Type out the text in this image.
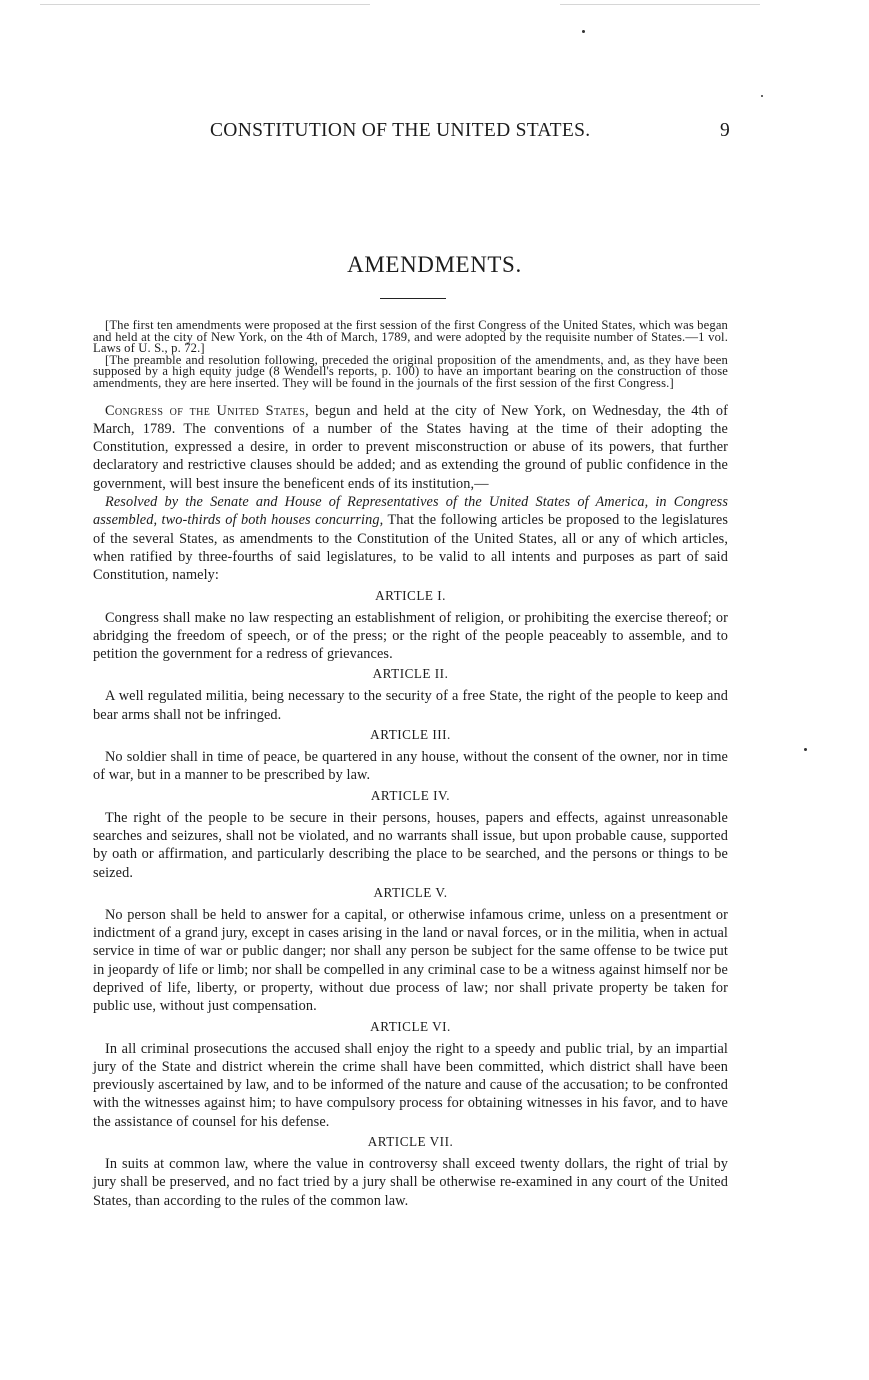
CONSTITUTION OF THE UNITED STATES.	9
AMENDMENTS.

[The first ten amendments were proposed at the first session of the first Congress of the United States, which was began and held at the city of New York, on the 4th of March, 1789, and were adopted by the requisite number of States.—1 vol. Laws of U. S., p. 72.]

[The preamble and resolution following, preceded the original proposition of the amendments, and, as they have been supposed by a high equity judge (8 Wendell's reports, p. 100) to have an important bearing on the construction of those amendments, they are here inserted. They will be found in the journals of the first session of the first Congress.]

Congress of the United States, begun and held at the city of New York, on Wednesday, the 4th of March, 1789. The conventions of a number of the States having at the time of their adopting the Constitution, expressed a desire, in order to prevent misconstruction or abuse of its powers, that further declaratory and restrictive clauses should be added; and as extending the ground of public confidence in the government, will best insure the beneficent ends of its institution,—

Resolved by the Senate and House of Representatives of the United States of America, in Congress assembled, two-thirds of both houses concurring, That the following articles be proposed to the legislatures of the several States, as amendments to the Constitution of the United States, all or any of which articles, when ratified by three-fourths of said legislatures, to be valid to all intents and purposes as part of said Constitution, namely:

ARTICLE I.

Congress shall make no law respecting an establishment of religion, or prohibiting the exercise thereof; or abridging the freedom of speech, or of the press; or the right of the people peaceably to assemble, and to petition the government for a redress of grievances.

ARTICLE II.

A well regulated militia, being necessary to the security of a free State, the right of the people to keep and bear arms shall not be infringed.

ARTICLE III.

No soldier shall in time of peace, be quartered in any house, without the consent of the owner, nor in time of war, but in a manner to be prescribed by law.

ARTICLE IV.

The right of the people to be secure in their persons, houses, papers and effects, against unreasonable searches and seizures, shall not be violated, and no warrants shall issue, but upon probable cause, supported by oath or affirmation, and particularly describing the place to be searched, and the persons or things to be seized.

ARTICLE V.

No person shall be held to answer for a capital, or otherwise infamous crime, unless on a presentment or indictment of a grand jury, except in cases arising in the land or naval forces, or in the militia, when in actual service in time of war or public danger; nor shall any person be subject for the same offense to be twice put in jeopardy of life or limb; nor shall be compelled in any criminal case to be a witness against himself nor be deprived of life, liberty, or property, without due process of law; nor shall private property be taken for public use, without just compensation.

ARTICLE VI.

In all criminal prosecutions the accused shall enjoy the right to a speedy and public trial, by an impartial jury of the State and district wherein the crime shall have been committed, which district shall have been previously ascertained by law, and to be informed of the nature and cause of the accusation; to be confronted with the witnesses against him; to have compulsory process for obtaining witnesses in his favor, and to have the assistance of counsel for his defense.

ARTICLE VII.

In suits at common law, where the value in controversy shall exceed twenty dollars, the right of trial by jury shall be preserved, and no fact tried by a jury shall be otherwise re-examined in any court of the United States, than according to the rules of the common law.
